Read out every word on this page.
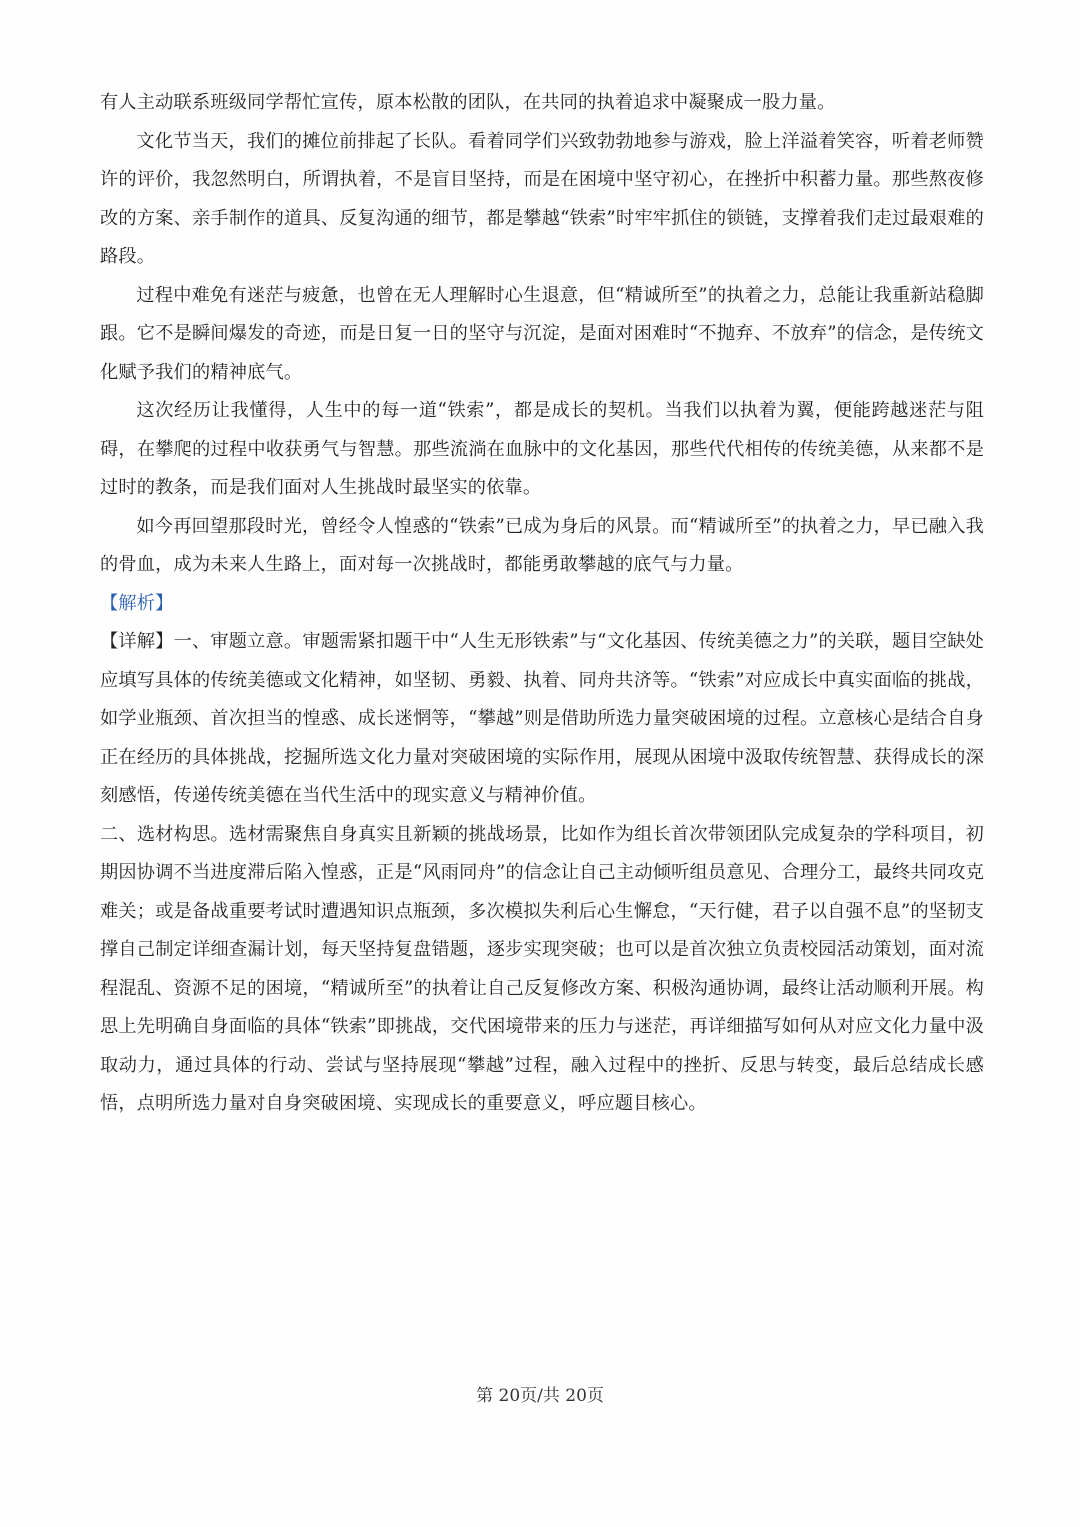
有人主动联系班级同学帮忙宣传，原本松散的团队，在共同的执着追求中凝聚成一股力量。

文化节当天，我们的摊位前排起了长队。看着同学们兴致勃勃地参与游戏，脸上洋溢着笑容，听着老师赞许的评价，我忽然明白，所谓执着，不是盲目坚持，而是在困境中坚守初心，在挫折中积蓄力量。那些熬夜修改的方案、亲手制作的道具、反复沟通的细节，都是攀越“铁索”时牢牢抓住的锁链，支撑着我们走过最艰难的路段。

过程中难免有迷茫与疲惫，也曾在无人理解时心生退意，但“精诚所至”的执着之力，总能让我重新站稳脚跟。它不是瞬间爆发的奇迹，而是日复一日的坚守与沉淀，是面对困难时“不抛弃、不放弃”的信念，是传统文化赋予我们的精神底气。

这次经历让我懂得，人生中的每一道“铁索”，都是成长的契机。当我们以执着为翼，便能跨越迷茫与阻碍，在攀爬的过程中收获勇气与智慧。那些流淌在血脉中的文化基因，那些代代相传的传统美德，从来都不是过时的教条，而是我们面对人生挑战时最坚实的依靠。

如今再回望那段时光，曾经令人惶惑的“铁索”已成为身后的风景。而“精诚所至”的执着之力，早已融入我的骨血，成为未来人生路上，面对每一次挑战时，都能勇敢攀越的底气与力量。

【解析】

【详解】一、审题立意。审题需紧扣题干中“人生无形铁索”与“文化基因、传统美德之力”的关联，题目空缺处应填写具体的传统美德或文化精神，如坚韧、勇毅、执着、同舟共济等。“铁索”对应成长中真实面临的挑战，如学业瓶颈、首次担当的惶惑、成长迷惘等，“攀越”则是借助所选力量突破困境的过程。立意核心是结合自身正在经历的具体挑战，挖掘所选文化力量对突破困境的实际作用，展现从困境中汲取传统智慧、获得成长的深刻感悟，传递传统美德在当代生活中的现实意义与精神价值。

二、选材构思。选材需聚焦自身真实且新颖的挑战场景，比如作为组长首次带领团队完成复杂的学科项目，初期因协调不当进度滞后陷入惶惑，正是“风雨同舟”的信念让自己主动倾听组员意见、合理分工，最终共同攻克难关；或是备战重要考试时遭遇知识点瓶颈，多次模拟失利后心生懈怠，“天行健，君子以自强不息”的坚韧支撑自己制定详细查漏计划，每天坚持复盘错题，逐步实现突破；也可以是首次独立负责校园活动策划，面对流程混乱、资源不足的困境，“精诚所至”的执着让自己反复修改方案、积极沟通协调，最终让活动顺利开展。构思上先明确自身面临的具体“铁索”即挑战，交代困境带来的压力与迷茫，再详细描写如何从对应文化力量中汲取动力，通过具体的行动、尝试与坚持展现“攀越”过程，融入过程中的挫折、反思与转变，最后总结成长感悟，点明所选力量对自身突破困境、实现成长的重要意义，呼应题目核心。

第 20页/共 20页
